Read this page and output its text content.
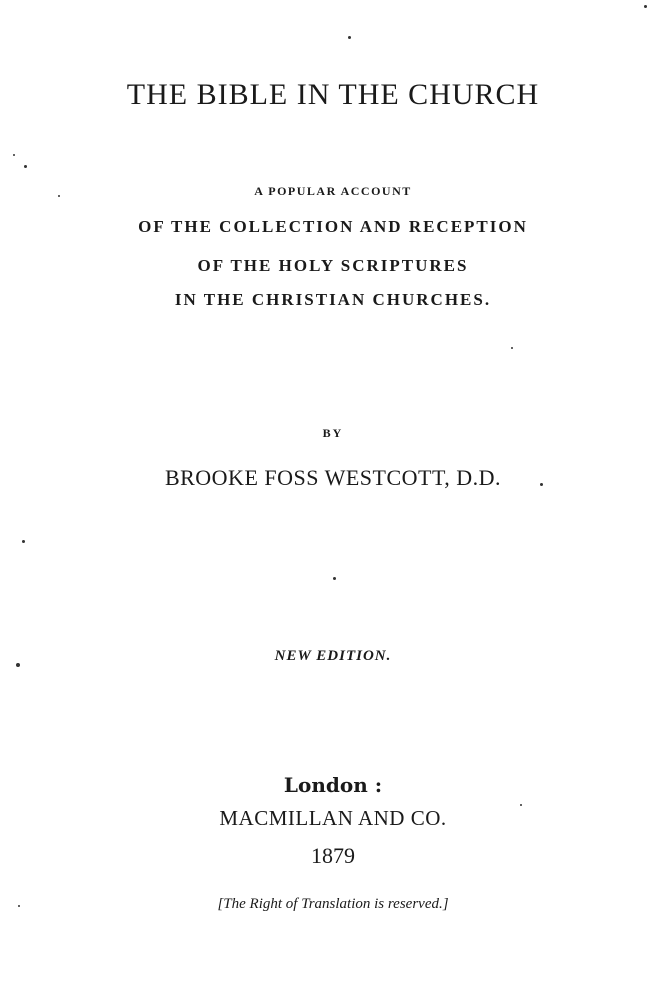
THE BIBLE IN THE CHURCH
A POPULAR ACCOUNT
OF THE COLLECTION AND RECEPTION
OF THE HOLY SCRIPTURES
IN THE CHRISTIAN CHURCHES.
BY
BROOKE FOSS WESTCOTT, D.D.
NEW EDITION.
London :
MACMILLAN AND CO.
1879
[The Right of Translation is reserved.]
